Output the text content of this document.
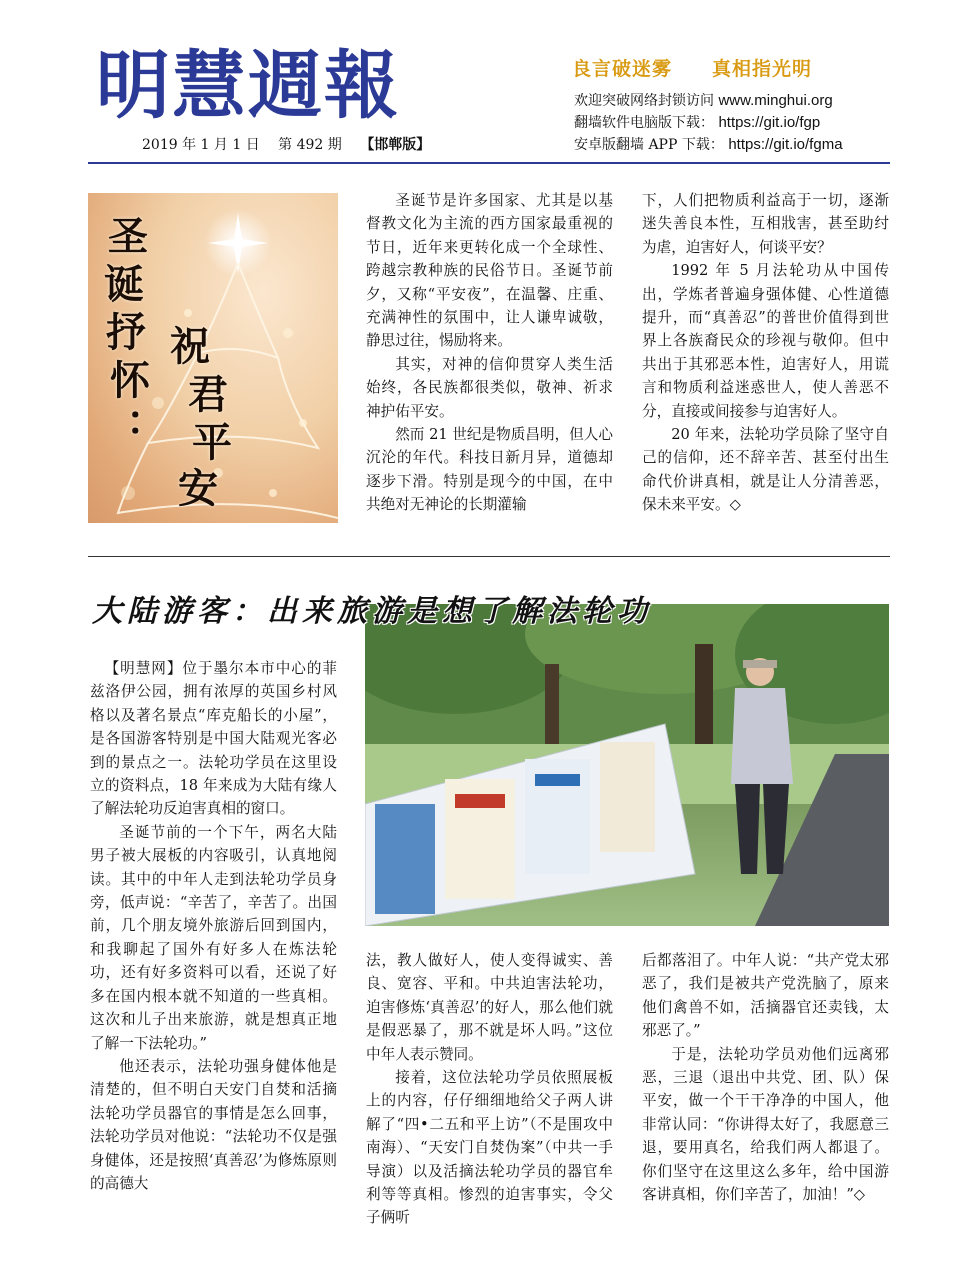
明慧週報	良言破迷雾 真相指光明
欢迎突破网络封锁访问 www.minghui.org
翻墙软件电脑版下载： https://git.io/fgp
安卓版翻墙 APP 下载： https://git.io/fgma
2019 年 1 月 1 日 第 492 期 【邯郸版】
圣
诞
抒
怀
：
祝
君
平
安

圣诞节是许多国家、尤其是以基督教文化为主流的西方国家最重视的节日，近年来更转化成一个全球性、跨越宗教种族的民俗节日。圣诞节前夕，又称“平安夜”，在温馨、庄重、充满神性的氛围中，让人谦卑诚敬，静思过往，惕励将来。

其实，对神的信仰贯穿人类生活始终，各民族都很类似，敬神、祈求神护佑平安。

然而 21 世纪是物质昌明，但人心沉沦的年代。科技日新月异，道德却逐步下滑。特别是现今的中国，在中共绝对无神论的长期灌输

下，人们把物质利益高于一切，逐渐迷失善良本性，互相戕害，甚至助纣为虐，迫害好人，何谈平安？

1992 年 5 月法轮功从中国传出，学炼者普遍身强体健、心性道德提升，而“真善忍”的普世价值得到世界上各族裔民众的珍视与敬仰。但中共出于其邪恶本性，迫害好人，用谎言和物质利益迷惑世人，使人善恶不分，直接或间接参与迫害好人。

20 年来，法轮功学员除了坚守自己的信仰，还不辞辛苦、甚至付出生命代价讲真相，就是让人分清善恶，保未来平安。◇

大陆游客：出来旅游是想了解法轮功

【明慧网】位于墨尔本市中心的菲兹洛伊公园，拥有浓厚的英国乡村风格以及著名景点“库克船长的小屋”，是各国游客特别是中国大陆观光客必到的景点之一。法轮功学员在这里设立的资料点，18 年来成为大陆有缘人了解法轮功反迫害真相的窗口。

圣诞节前的一个下午，两名大陆男子被大展板的内容吸引，认真地阅读。其中的中年人走到法轮功学员身旁，低声说：“辛苦了，辛苦了。出国前，几个朋友境外旅游后回到国内，和我聊起了国外有好多人在炼法轮功，还有好多资料可以看，还说了好多在国内根本就不知道的一些真相。这次和儿子出来旅游，就是想真正地了解一下法轮功。”

他还表示，法轮功强身健体他是清楚的，但不明白天安门自焚和活摘法轮功学员器官的事情是怎么回事，法轮功学员对他说：“法轮功不仅是强身健体，还是按照‘真善忍’为修炼原则的高德大

法，教人做好人，使人变得诚实、善良、宽容、平和。中共迫害法轮功，迫害修炼‘真善忍’的好人，那么他们就是假恶暴了，那不就是坏人吗。”这位中年人表示赞同。

接着，这位法轮功学员依照展板上的内容，仔仔细细地给父子两人讲解了“四•二五和平上访”（不是围攻中南海）、“天安门自焚伪案”（中共一手导演）以及活摘法轮功学员的器官牟利等等真相。惨烈的迫害事实，令父子俩听

后都落泪了。中年人说：“共产党太邪恶了，我们是被共产党洗脑了，原来他们禽兽不如，活摘器官还卖钱，太邪恶了。”

于是，法轮功学员劝他们远离邪恶，三退（退出中共党、团、队）保平安，做一个干干净净的中国人，他非常认同：“你讲得太好了，我愿意三退，要用真名，给我们两人都退了。你们坚守在这里这么多年，给中国游客讲真相，你们辛苦了，加油！”◇
